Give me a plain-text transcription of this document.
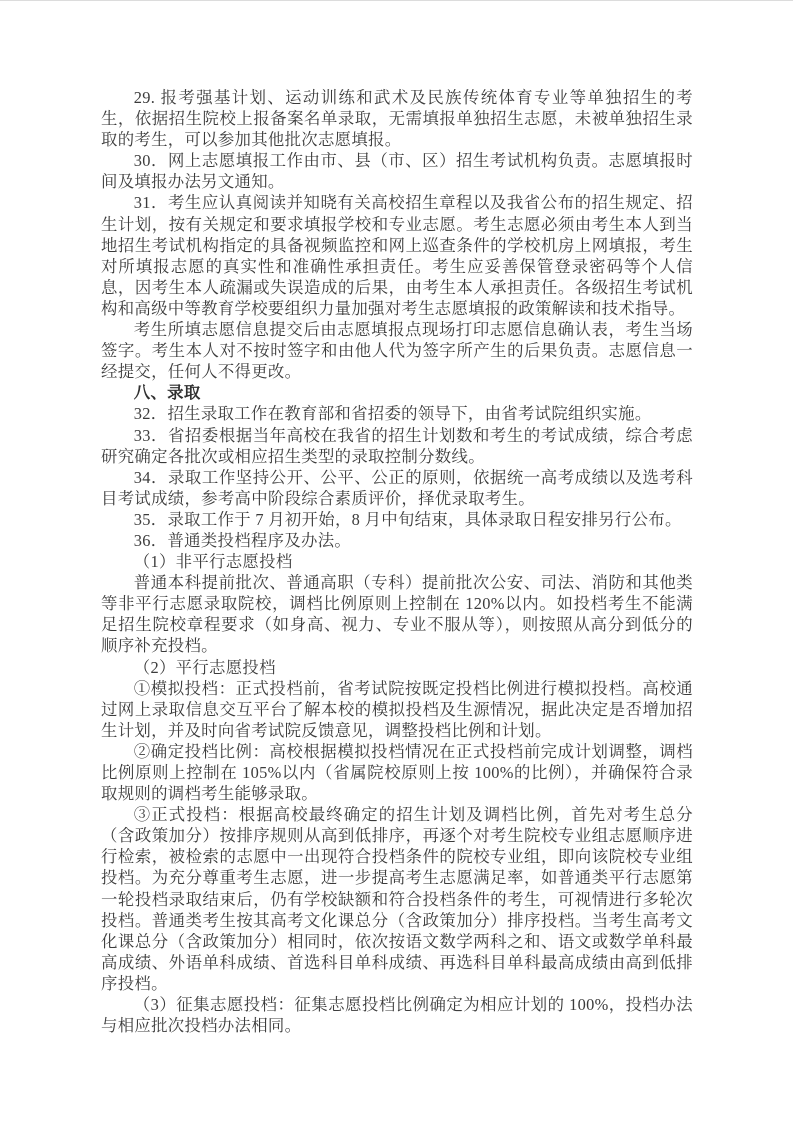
29. 报考强基计划、运动训练和武术及民族传统体育专业等单独招生的考生，依据招生院校上报备案名单录取，无需填报单独招生志愿，未被单独招生录取的考生，可以参加其他批次志愿填报。

30．网上志愿填报工作由市、县（市、区）招生考试机构负责。志愿填报时间及填报办法另文通知。

31．考生应认真阅读并知晓有关高校招生章程以及我省公布的招生规定、招生计划，按有关规定和要求填报学校和专业志愿。考生志愿必须由考生本人到当地招生考试机构指定的具备视频监控和网上巡查条件的学校机房上网填报，考生对所填报志愿的真实性和准确性承担责任。考生应妥善保管登录密码等个人信息，因考生本人疏漏或失误造成的后果，由考生本人承担责任。各级招生考试机构和高级中等教育学校要组织力量加强对考生志愿填报的政策解读和技术指导。

考生所填志愿信息提交后由志愿填报点现场打印志愿信息确认表，考生当场签字。考生本人对不按时签字和由他人代为签字所产生的后果负责。志愿信息一经提交，任何人不得更改。

八、录取

32．招生录取工作在教育部和省招委的领导下，由省考试院组织实施。

33．省招委根据当年高校在我省的招生计划数和考生的考试成绩，综合考虑研究确定各批次或相应招生类型的录取控制分数线。

34．录取工作坚持公开、公平、公正的原则，依据统一高考成绩以及选考科目考试成绩，参考高中阶段综合素质评价，择优录取考生。

35．录取工作于 7 月初开始，8 月中旬结束，具体录取日程安排另行公布。

36．普通类投档程序及办法。

（1）非平行志愿投档

普通本科提前批次、普通高职（专科）提前批次公安、司法、消防和其他类等非平行志愿录取院校，调档比例原则上控制在 120%以内。如投档考生不能满足招生院校章程要求（如身高、视力、专业不服从等），则按照从高分到低分的顺序补充投档。

（2）平行志愿投档

①模拟投档：正式投档前，省考试院按既定投档比例进行模拟投档。高校通过网上录取信息交互平台了解本校的模拟投档及生源情况，据此决定是否增加招生计划，并及时向省考试院反馈意见，调整投档比例和计划。

②确定投档比例：高校根据模拟投档情况在正式投档前完成计划调整，调档比例原则上控制在 105%以内（省属院校原则上按 100%的比例），并确保符合录取规则的调档考生能够录取。

③正式投档：根据高校最终确定的招生计划及调档比例，首先对考生总分（含政策加分）按排序规则从高到低排序，再逐个对考生院校专业组志愿顺序进行检索，被检索的志愿中一出现符合投档条件的院校专业组，即向该院校专业组投档。为充分尊重考生志愿，进一步提高考生志愿满足率，如普通类平行志愿第一轮投档录取结束后，仍有学校缺额和符合投档条件的考生，可视情进行多轮次投档。普通类考生按其高考文化课总分（含政策加分）排序投档。当考生高考文化课总分（含政策加分）相同时，依次按语文数学两科之和、语文或数学单科最高成绩、外语单科成绩、首选科目单科成绩、再选科目单科最高成绩由高到低排序投档。

（3）征集志愿投档：征集志愿投档比例确定为相应计划的 100%，投档办法与相应批次投档办法相同。
